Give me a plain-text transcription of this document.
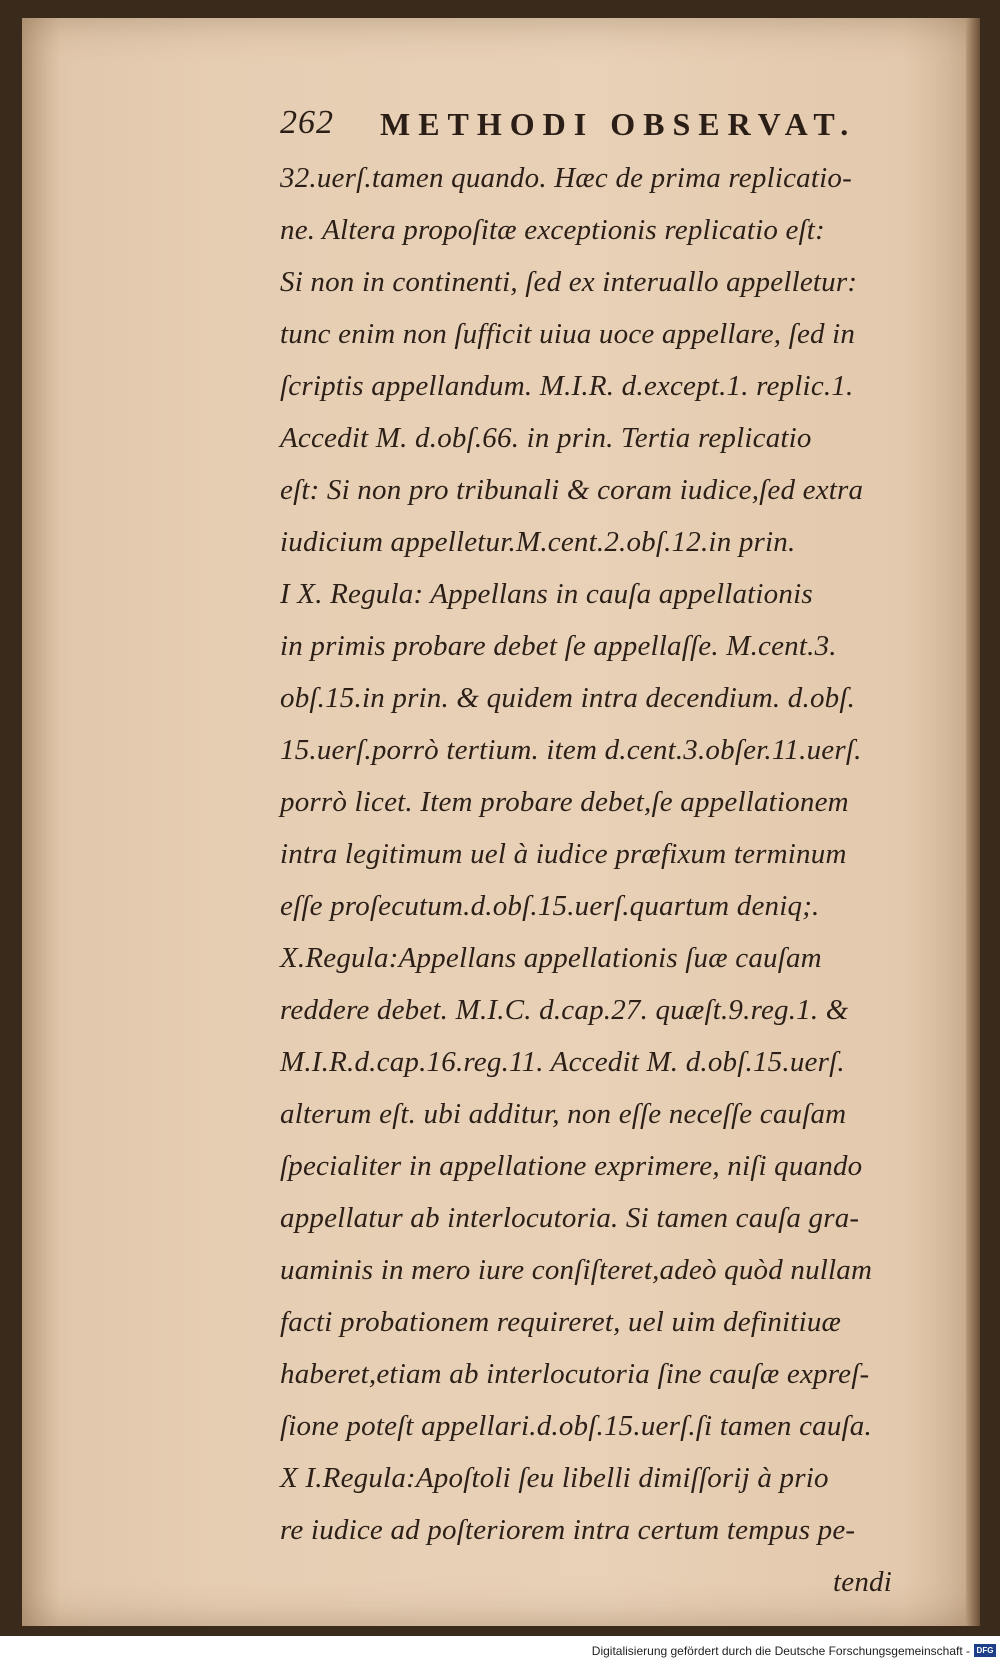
262 METHODI OBSERVAT.
32.uerſ.tamen quando. Hæc de prima replicatio-
ne. Altera propoſitæ exceptionis replicatio eſt:
Si non in continenti, ſed ex interuallo appelletur:
tunc enim non ſufficit uiua uoce appellare, ſed in
ſcriptis appellandum. M.I.R. d.except.1. replic.1.
Accedit M. d.obſ.66. in prin. Tertia replicatio
eſt: Si non pro tribunali & coram iudice,ſed extra
iudicium appelletur.M.cent.2.obſ.12.in prin.
I X. Regula: Appellans in cauſa appellationis
in primis probare debet ſe appellaſſe. M.cent.3.
obſ.15.in prin. & quidem intra decendium. d.obſ.
15.uerſ.porrò tertium. item d.cent.3.obſer.11.uerſ.
porrò licet. Item probare debet,ſe appellationem
intra legitimum uel à iudice præfixum terminum
eſſe proſecutum.d.obſ.15.uerſ.quartum deniq;.
X.Regula:Appellans appellationis ſuæ cauſam
reddere debet. M.I.C. d.cap.27. quæſt.9.reg.1. &
M.I.R.d.cap.16.reg.11. Accedit M. d.obſ.15.uerſ.
alterum eſt. ubi additur, non eſſe neceſſe cauſam
ſpecialiter in appellatione exprimere, niſi quando
appellatur ab interlocutoria. Si tamen cauſa gra-
uaminis in mero iure conſiſteret,adeò quòd nullam
facti probationem requireret, uel uim definitiuæ
haberet,etiam ab interlocutoria ſine cauſæ expreſ-
ſione poteſt appellari.d.obſ.15.uerſ.ſi tamen cauſa.
X I.Regula:Apoſtoli ſeu libelli dimiſſorij à prio
re iudice ad poſteriorem intra certum tempus pe-
tendi
Digitalisierung gefördert durch die Deutsche Forschungsgemeinschaft - DFG
